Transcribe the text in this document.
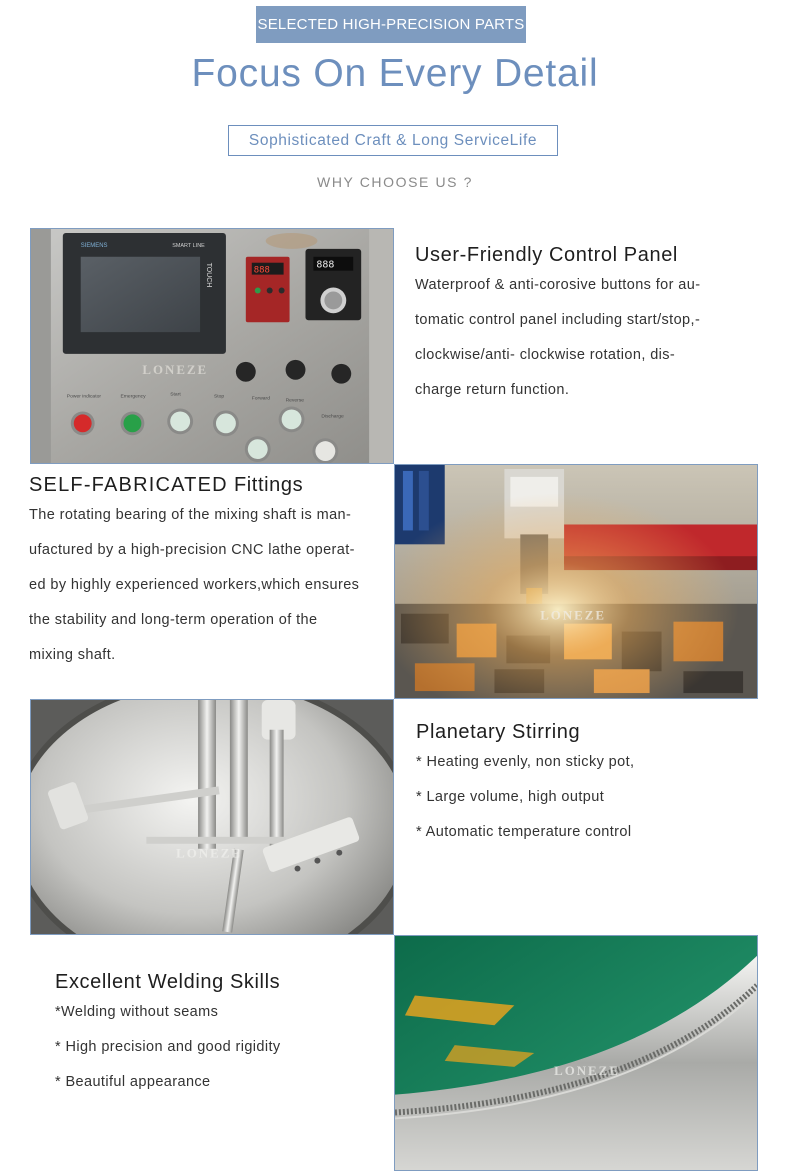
SELECTED HIGH-PRECISION PARTS
Focus On Every Detail
Sophisticated Craft & Long ServiceLife
WHY CHOOSE US ?
SIEMENS	SMART LINE
TOUCH	888	888
LONEZE
Power indicator	Emergency	Start	Stop	Forward	Reverse
Discharge
User-Friendly Control Panel
Waterproof & anti-corosive buttons for au-
tomatic control panel including start/stop,-
clockwise/anti- clockwise rotation, dis-
charge return function.
SELF-FABRICATED Fittings
The rotating bearing of the mixing shaft is man-
ufactured by a high-precision CNC lathe operat-
ed by highly experienced workers,which ensures
the stability and long-term operation of the
mixing shaft.
LONEZE
LONEZE
Planetary Stirring
* Heating evenly, non sticky pot,
* Large volume, high output
* Automatic temperature control
Excellent Welding Skills
*Welding without seams
* High precision and good rigidity
* Beautiful appearance
LONEZE
